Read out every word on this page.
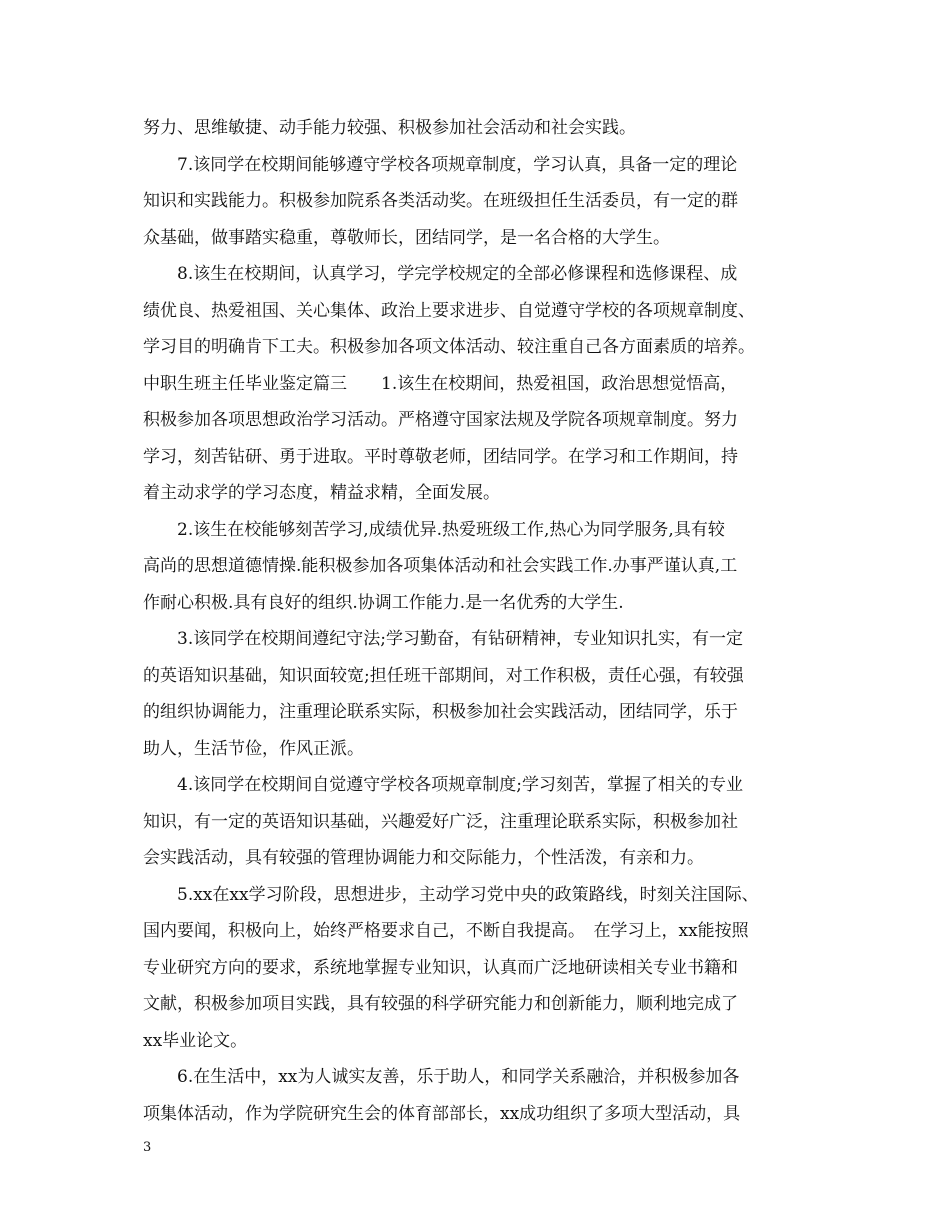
努力、思维敏捷、动手能力较强、积极参加社会活动和社会实践。
　　7.该同学在校期间能够遵守学校各项规章制度，学习认真，具备一定的理论
知识和实践能力。积极参加院系各类活动奖。在班级担任生活委员，有一定的群
众基础，做事踏实稳重，尊敬师长，团结同学，是一名合格的大学生。
　　8.该生在校期间，认真学习，学完学校规定的全部必修课程和选修课程、成
绩优良、热爱祖国、关心集体、政治上要求进步、自觉遵守学校的各项规章制度、
学习目的明确肯下工夫。积极参加各项文体活动、较注重自己各方面素质的培养。
中职生班主任毕业鉴定篇三　　1.该生在校期间，热爱祖国，政治思想觉悟高，
积极参加各项思想政治学习活动。严格遵守国家法规及学院各项规章制度。努力
学习，刻苦钻研、勇于进取。平时尊敬老师，团结同学。在学习和工作期间，持
着主动求学的学习态度，精益求精，全面发展。
　　2.该生在校能够刻苦学习,成绩优异.热爱班级工作,热心为同学服务,具有较
高尚的思想道德情操.能积极参加各项集体活动和社会实践工作.办事严谨认真,工
作耐心积极.具有良好的组织.协调工作能力.是一名优秀的大学生.
　　3.该同学在校期间遵纪守法;学习勤奋，有钻研精神，专业知识扎实，有一定
的英语知识基础，知识面较宽;担任班干部期间，对工作积极，责任心强，有较强
的组织协调能力，注重理论联系实际，积极参加社会实践活动，团结同学，乐于
助人，生活节俭，作风正派。
　　4.该同学在校期间自觉遵守学校各项规章制度;学习刻苦，掌握了相关的专业
知识，有一定的英语知识基础，兴趣爱好广泛，注重理论联系实际，积极参加社
会实践活动，具有较强的管理协调能力和交际能力，个性活泼，有亲和力。
　　5.xx在xx学习阶段，思想进步，主动学习党中央的政策路线，时刻关注国际、
国内要闻，积极向上，始终严格要求自己，不断自我提高。　在学习上，xx能按照
专业研究方向的要求，系统地掌握专业知识，认真而广泛地研读相关专业书籍和
文献，积极参加项目实践，具有较强的科学研究能力和创新能力，顺利地完成了
xx毕业论文。
　　6.在生活中，xx为人诚实友善，乐于助人，和同学关系融洽，并积极参加各
项集体活动，作为学院研究生会的体育部部长，xx成功组织了多项大型活动，具
3
